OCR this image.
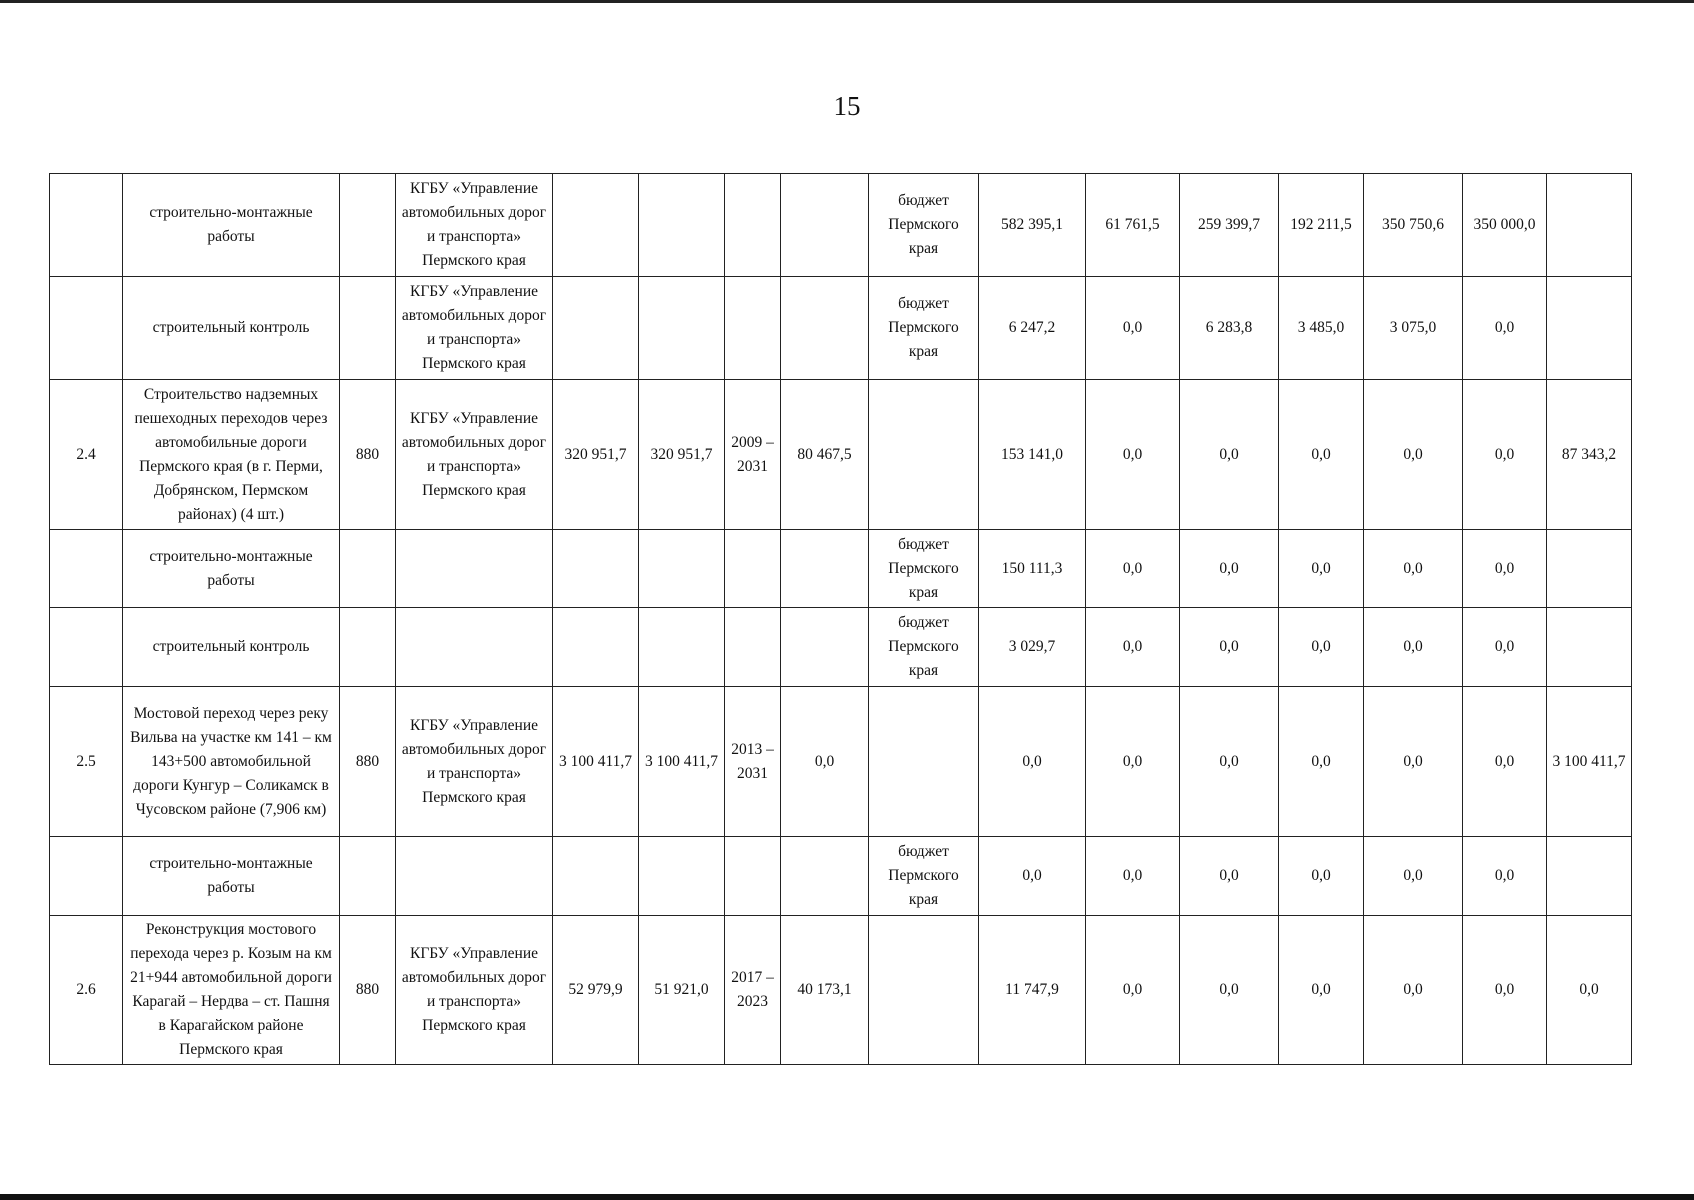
15
	строительно-монтажные работы		КГБУ «Управление автомобильных дорог и транспорта» Пермского края					бюджет Пермского края	582 395,1	61 761,5	259 399,7	192 211,5	350 750,6	350 000,0	
	строительный контроль		КГБУ «Управление автомобильных дорог и транспорта» Пермского края					бюджет Пермского края	6 247,2	0,0	6 283,8	3 485,0	3 075,0	0,0	
2.4	Строительство надземных пешеходных переходов через автомобильные дороги Пермского края (в г. Перми, Добрянском, Пермском районах) (4 шт.)	880	КГБУ «Управление автомобильных дорог и транспорта» Пермского края	320 951,7	320 951,7	2009 – 2031	80 467,5		153 141,0	0,0	0,0	0,0	0,0	0,0	87 343,2
	строительно-монтажные работы							бюджет Пермского края	150 111,3	0,0	0,0	0,0	0,0	0,0	
	строительный контроль							бюджет Пермского края	3 029,7	0,0	0,0	0,0	0,0	0,0	
2.5	Мостовой переход через реку Вильва на участке км 141 – км 143+500 автомобильной дороги Кунгур – Соликамск в Чусовском районе (7,906 км)	880	КГБУ «Управление автомобильных дорог и транспорта» Пермского края	3 100 411,7	3 100 411,7	2013 – 2031	0,0		0,0	0,0	0,0	0,0	0,0	0,0	3 100 411,7
	строительно-монтажные работы							бюджет Пермского края	0,0	0,0	0,0	0,0	0,0	0,0	
2.6	Реконструкция мостового перехода через р. Козым на км 21+944 автомобильной дороги Карагай – Нердва – ст. Пашня в Карагайском районе Пермского края	880	КГБУ «Управление автомобильных дорог и транспорта» Пермского края	52 979,9	51 921,0	2017 – 2023	40 173,1		11 747,9	0,0	0,0	0,0	0,0	0,0	0,0
